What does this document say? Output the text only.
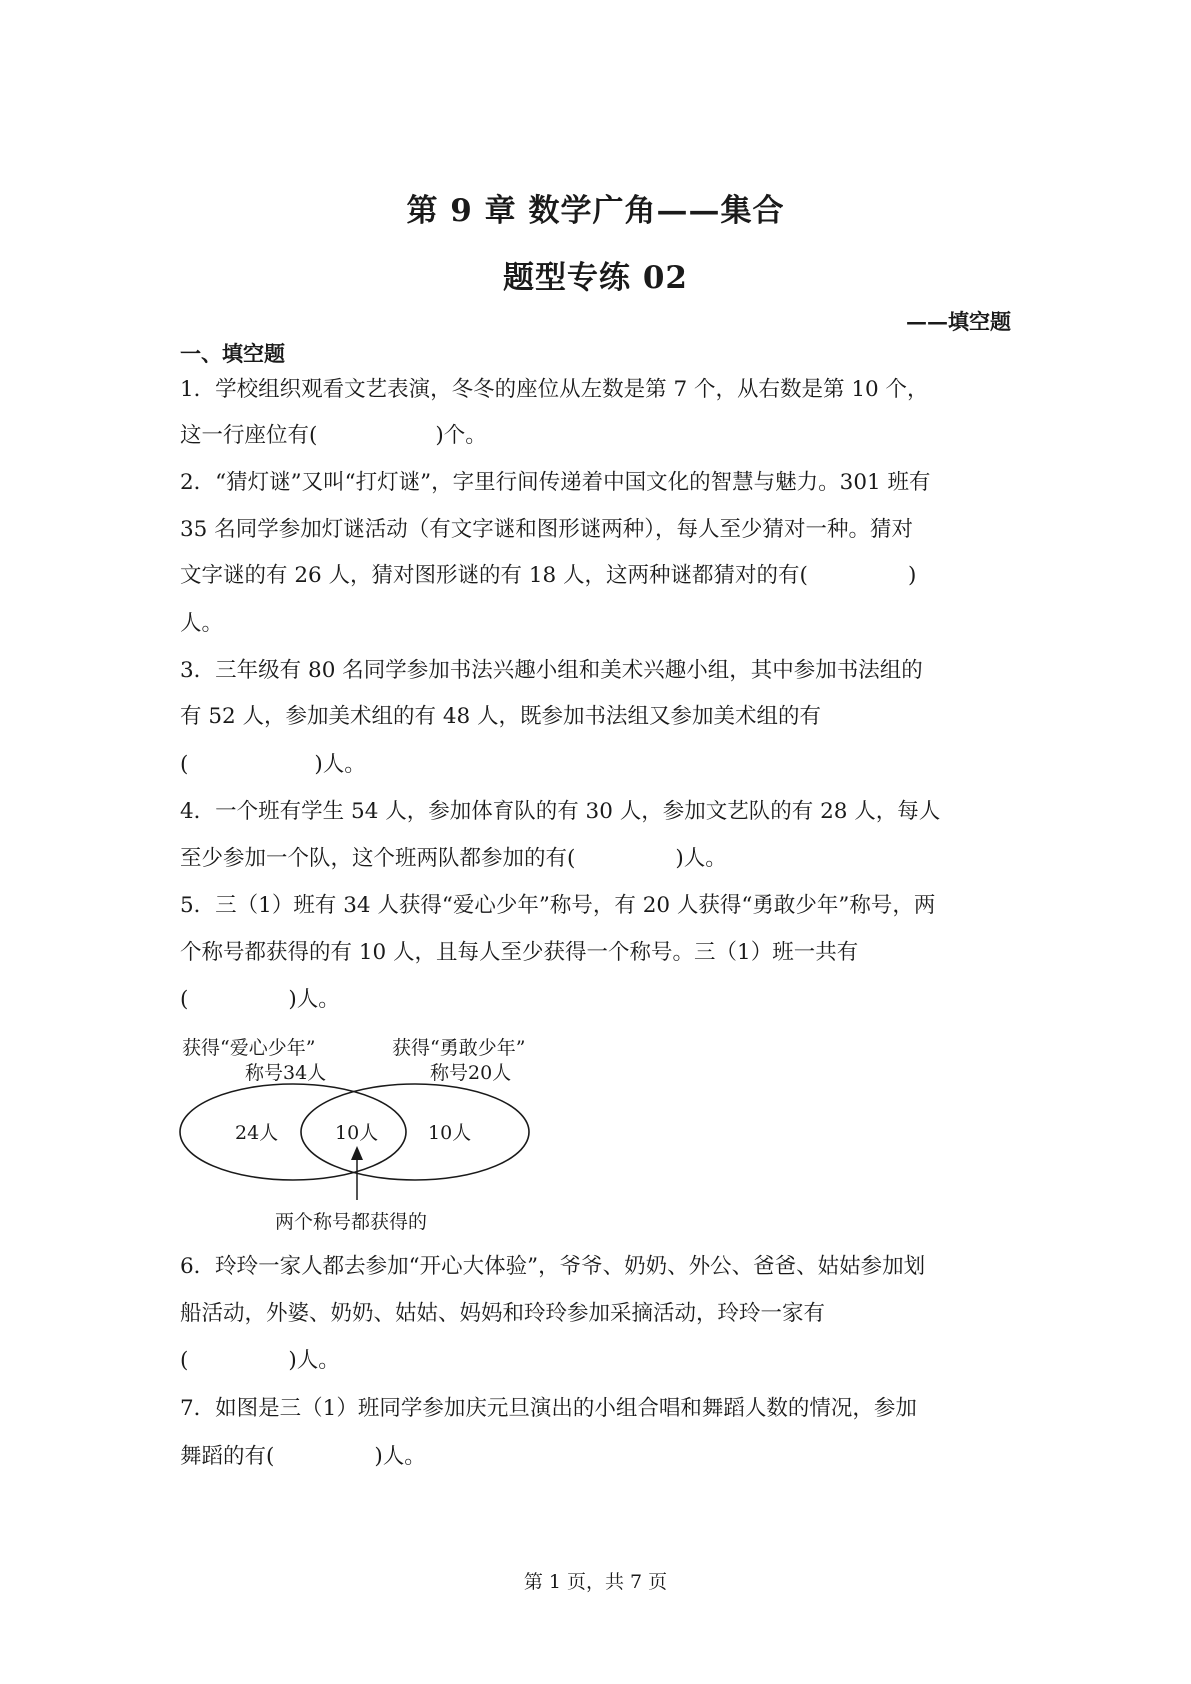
第 9 章 数学广角——集合
题型专练 02
——填空题
一、填空题
1．学校组织观看文艺表演，冬冬的座位从左数是第 7 个，从右数是第 10 个，
这一行座位有(	)个。
2．“猜灯谜”又叫“打灯谜”，字里行间传递着中国文化的智慧与魅力。301 班有
35 名同学参加灯谜活动（有文字谜和图形谜两种），每人至少猜对一种。猜对
文字谜的有 26 人，猜对图形谜的有 18 人，这两种谜都猜对的有(	)
人。
3．三年级有 80 名同学参加书法兴趣小组和美术兴趣小组，其中参加书法组的
有 52 人，参加美术组的有 48 人，既参加书法组又参加美术组的有
(	)人。
4．一个班有学生 54 人，参加体育队的有 30 人，参加文艺队的有 28 人，每人
至少参加一个队，这个班两队都参加的有(	)人。
5．三（1）班有 34 人获得“爱心少年”称号，有 20 人获得“勇敢少年”称号，两
个称号都获得的有 10 人，且每人至少获得一个称号。三（1）班一共有
(	)人。
获得“爱心少年”
称号34人
获得“勇敢少年”
称号20人
24人	10人	10人
两个称号都获得的
6．玲玲一家人都去参加“开心大体验”，爷爷、奶奶、外公、爸爸、姑姑参加划
船活动，外婆、奶奶、姑姑、妈妈和玲玲参加采摘活动，玲玲一家有
(	)人。
7．如图是三（1）班同学参加庆元旦演出的小组合唱和舞蹈人数的情况，参加
舞蹈的有(	)人。
第 1 页，共 7 页
